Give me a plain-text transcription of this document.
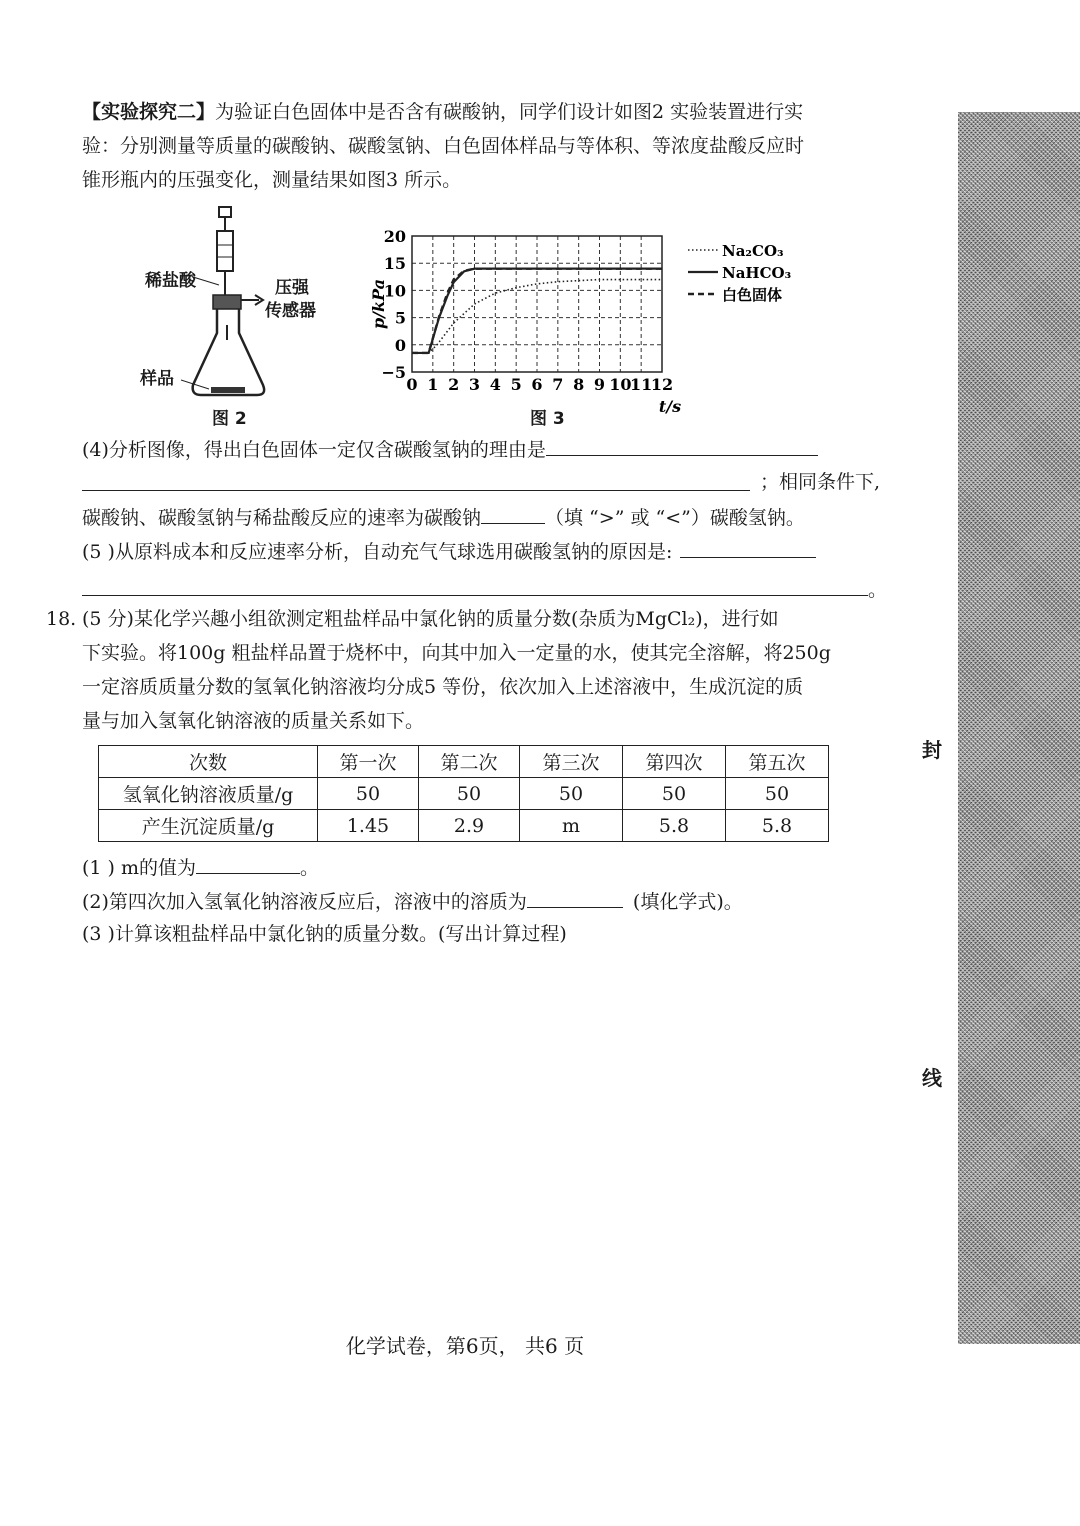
【实验探究二】为验证白色固体中是否含有碳酸钠，同学们设计如图2 实验装置进行实
验：分别测量等质量的碳酸钠、碳酸氢钠、白色固体样品与等体积、等浓度盐酸反应时
锥形瓶内的压强变化，测量结果如图3 所示。
稀盐酸	压强
传感器
样品
图 2
0 1 2 3 4 5 6 7 8 9 10
11
12
20
15
10
5
0
−5
p/kPa
t/s
Na₂CO₃
NaHCO₃
白色固体
图 3
(4)分析图像，得出白色固体一定仅含碳酸氢钠的理由是
；相同条件下,
碳酸钠、碳酸氢钠与稀盐酸反应的速率为碳酸钠	（填 “>” 或 “<”）碳酸氢钠。
(5 )从原料成本和反应速率分析，自动充气气球选用碳酸氢钠的原因是:
。
18. (5 分)某化学兴趣小组欲测定粗盐样品中氯化钠的质量分数(杂质为MgCl₂)，进行如
下实验。将100g 粗盐样品置于烧杯中，向其中加入一定量的水，使其完全溶解，将250g
一定溶质质量分数的氢氧化钠溶液均分成5 等份，依次加入上述溶液中，生成沉淀的质
量与加入氢氧化钠溶液的质量关系如下。
次数	第一次	第二次	第三次	第四次	第五次
氢氧化钠溶液质量/g	50	50	50	50	50
产生沉淀质量/g	1.45	2.9	m	5.8	5.8
(1 ) m的值为	。
(2)第四次加入氢氧化钠溶液反应后，溶液中的溶质为	(填化学式)。
(3 )计算该粗盐样品中氯化钠的质量分数。(写出计算过程)
封
线
化学试卷，第6页， 共6 页
